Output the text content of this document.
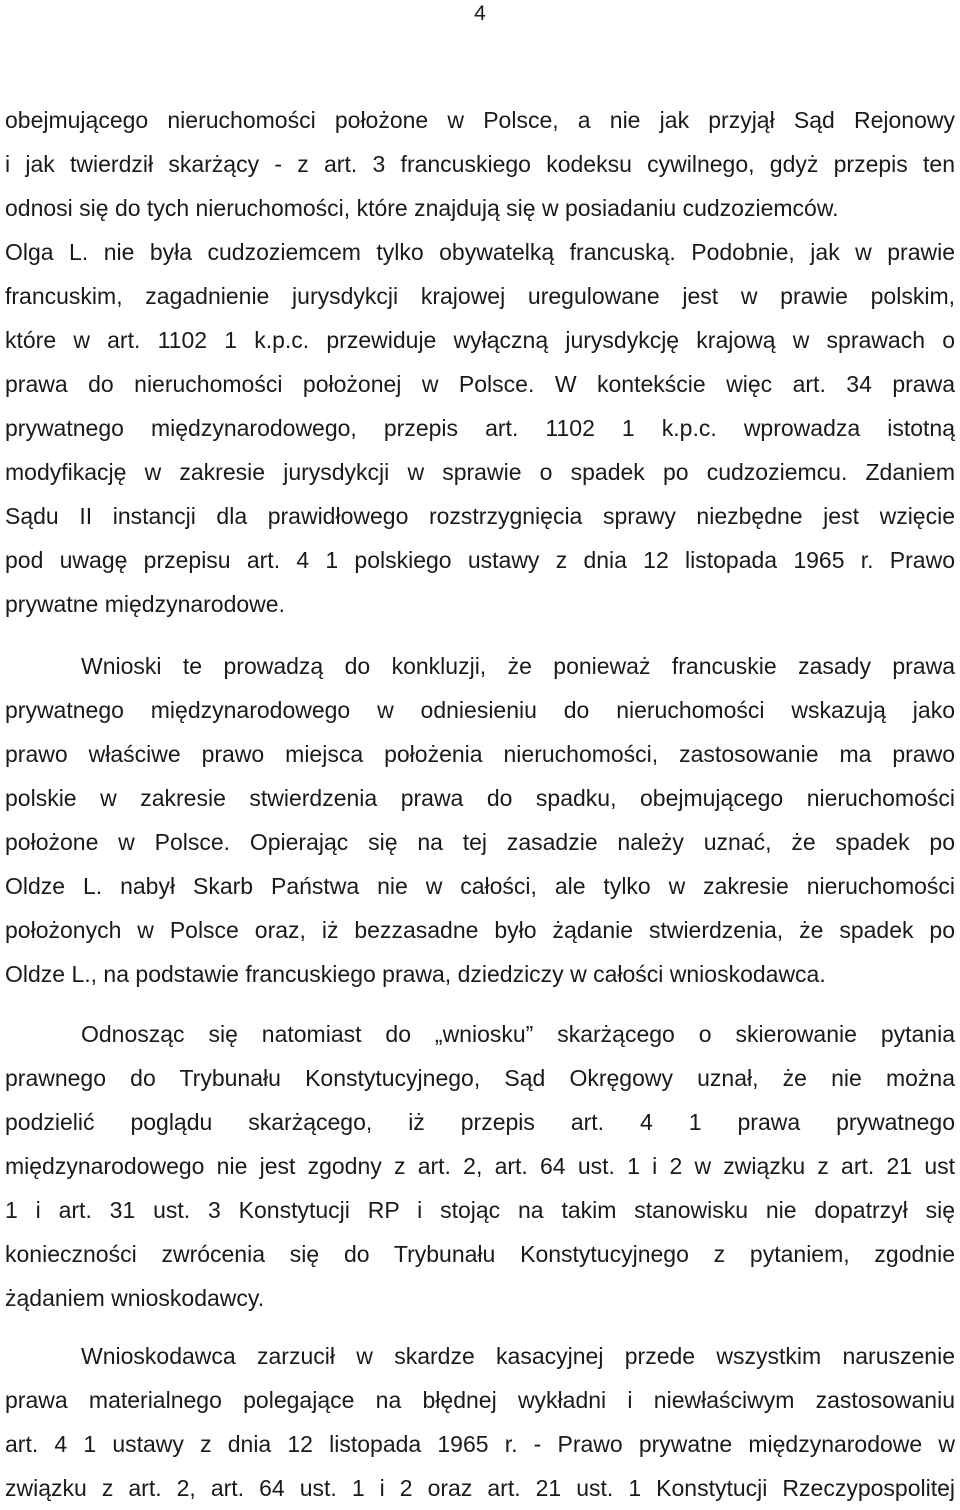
4
obejmującego nieruchomości położone w Polsce, a nie jak przyjął Sąd Rejonowy
i jak twierdził skarżący - z art. 3 francuskiego kodeksu cywilnego, gdyż przepis ten
odnosi się do tych nieruchomości, które znajdują się w posiadaniu cudzoziemców.
Olga L. nie była cudzoziemcem tylko obywatelką francuską. Podobnie, jak w prawie
francuskim, zagadnienie jurysdykcji krajowej uregulowane jest w prawie polskim,
które w art. 1102 1 k.p.c. przewiduje wyłączną jurysdykcję krajową w sprawach o
prawa do nieruchomości położonej w Polsce. W kontekście więc art. 34 prawa
prywatnego międzynarodowego, przepis art. 1102 1 k.p.c. wprowadza istotną
modyfikację w zakresie jurysdykcji w sprawie o spadek po cudzoziemcu. Zdaniem
Sądu II instancji dla prawidłowego rozstrzygnięcia sprawy niezbędne jest wzięcie
pod uwagę przepisu art. 4 1 polskiego ustawy z dnia 12 listopada 1965 r. Prawo
prywatne międzynarodowe.
Wnioski te prowadzą do konkluzji, że ponieważ francuskie zasady prawa
prywatnego międzynarodowego w odniesieniu do nieruchomości wskazują jako
prawo właściwe prawo miejsca położenia nieruchomości, zastosowanie ma prawo
polskie w zakresie stwierdzenia prawa do spadku, obejmującego nieruchomości
położone w Polsce. Opierając się na tej zasadzie należy uznać, że spadek po
Oldze L. nabył Skarb Państwa nie w całości, ale tylko w zakresie nieruchomości
położonych w Polsce oraz, iż bezzasadne było żądanie stwierdzenia, że spadek po
Oldze L., na podstawie francuskiego prawa, dziedziczy w całości wnioskodawca.
Odnosząc się natomiast do „wniosku” skarżącego o skierowanie pytania
prawnego do Trybunału Konstytucyjnego, Sąd Okręgowy uznał, że nie można
podzielić poglądu skarżącego, iż przepis art. 4 1 prawa prywatnego
międzynarodowego nie jest zgodny z art. 2, art. 64 ust. 1 i 2 w związku z art. 21 ust
1 i art. 31 ust. 3 Konstytucji RP i stojąc na takim stanowisku nie dopatrzył się
konieczności zwrócenia się do Trybunału Konstytucyjnego z pytaniem, zgodnie
żądaniem wnioskodawcy.
Wnioskodawca zarzucił w skardze kasacyjnej przede wszystkim naruszenie
prawa materialnego polegające na błędnej wykładni i niewłaściwym zastosowaniu
art. 4 1 ustawy z dnia 12 listopada 1965 r. - Prawo prywatne międzynarodowe w
związku z art. 2, art. 64 ust. 1 i 2 oraz art. 21 ust. 1 Konstytucji Rzeczypospolitej
